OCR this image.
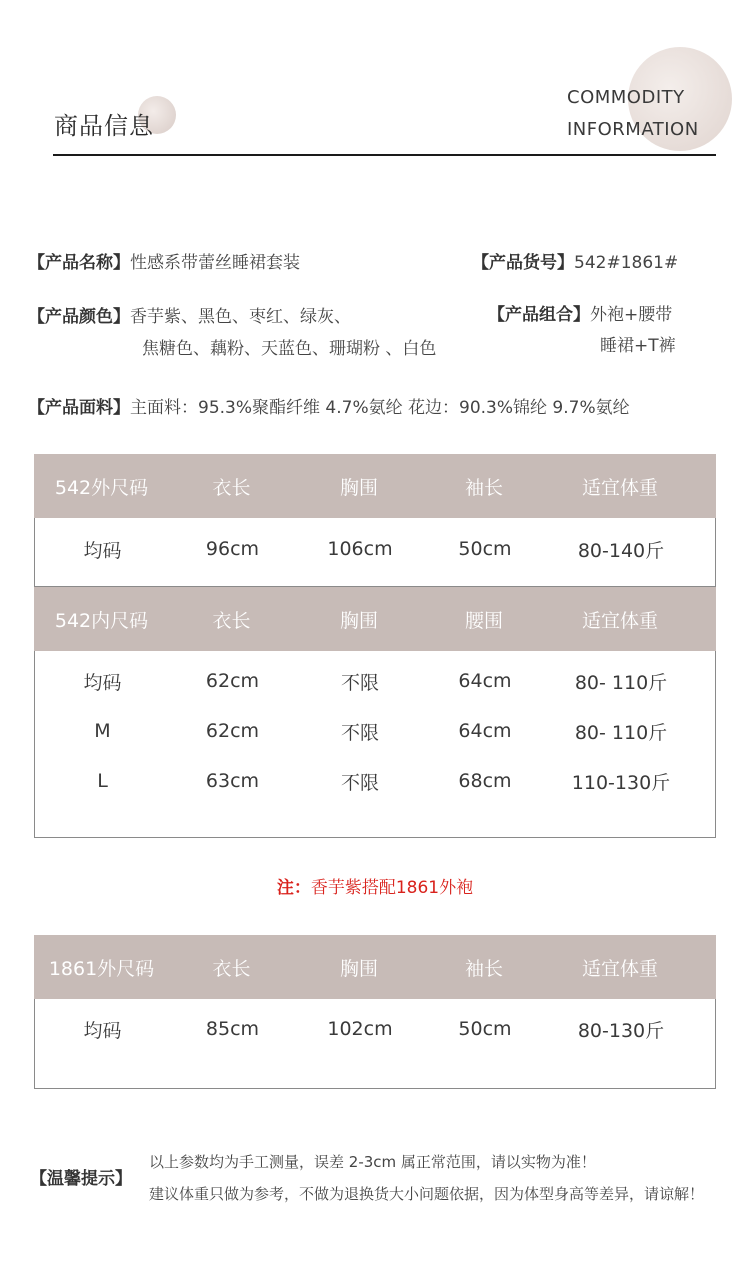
商品信息
COMMODITY
INFORMATION
【产品名称】性感系带蕾丝睡裙套装	【产品货号】542#1861#
【产品颜色】香芋紫、黑色、枣红、绿灰、
焦糖色、藕粉、天蓝色、珊瑚粉 、白色
【产品组合】外袍+腰带
睡裙+T裤
【产品面料】主面料：95.3%聚酯纤维 4.7%氨纶 花边：90.3%锦纶 9.7%氨纶
542外尺码	衣长	胸围	袖长	适宜体重
均码	96cm	106cm	50cm	80-140斤
542内尺码	衣长	胸围	腰围	适宜体重
均码	62cm	不限	64cm	80- 110斤
M	62cm	不限	64cm	80- 110斤
L	63cm	不限	68cm	110-130斤
注：香芋紫搭配1861外袍
1861外尺码	衣长	胸围	袖长	适宜体重
均码	85cm	102cm	50cm	80-130斤
【温馨提示】
以上参数均为手工测量，误差 2-3cm 属正常范围，请以实物为准！
建议体重只做为参考，不做为退换货大小问题依据，因为体型身高等差异，请谅解！
